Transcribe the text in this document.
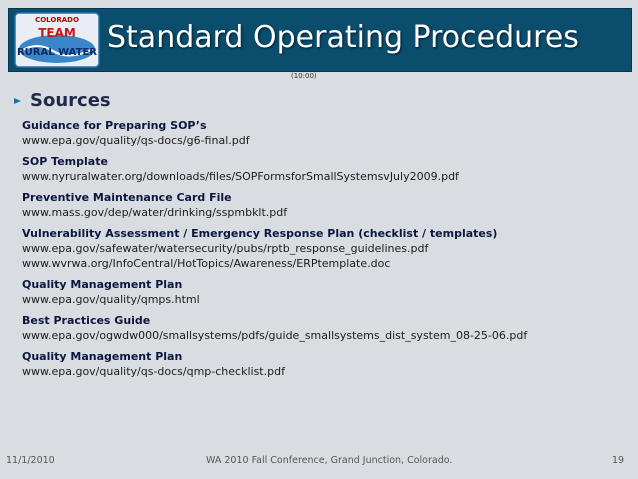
COLORADO
TEAM
RURAL WATER Standard Operating Procedures
(10:00)
Sources
Guidance for Preparing SOP’s
www.epa.gov/quality/qs-docs/g6-final.pdf
SOP Template
www.nyruralwater.org/downloads/files/SOPFormsforSmallSystemsvJuly2009.pdf
Preventive Maintenance Card File
www.mass.gov/dep/water/drinking/sspmbklt.pdf
Vulnerability Assessment / Emergency Response Plan (checklist / templates)
www.epa.gov/safewater/watersecurity/pubs/rptb_response_guidelines.pdf
www.wvrwa.org/InfoCentral/HotTopics/Awareness/ERPtemplate.doc
Quality Management Plan
www.epa.gov/quality/qmps.html
Best Practices Guide
www.epa.gov/ogwdw000/smallsystems/pdfs/guide_smallsystems_dist_system_08-25-06.pdf
Quality Management Plan
www.epa.gov/quality/qs-docs/qmp-checklist.pdf
11/1/2010	WA 2010 Fall Conference, Grand Junction, Colorado.	19
